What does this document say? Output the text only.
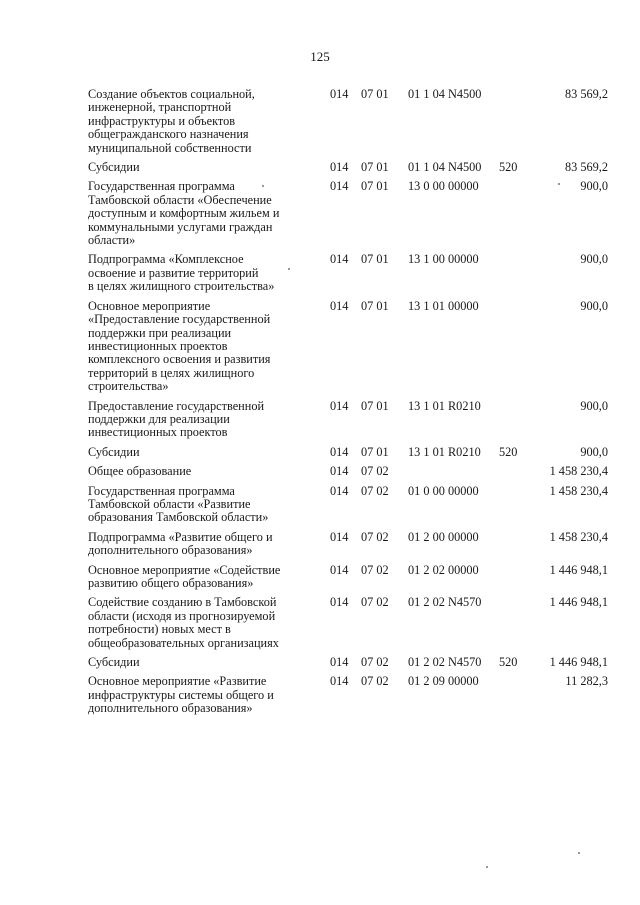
125
Создание объектов социальной,
инженерной, транспортной
инфраструктуры и объектов
общегражданского назначения
муниципальной собственности
014 07 01 01 1 04 N4500	83 569,2
Субсидии	014 07 01 01 1 04 N4500 520	83 569,2
Государственная программа
Тамбовской области «Обеспечение
доступным и комфортным жильем и
коммунальными услугами граждан
области»
014 07 01 13 0 00 00000	900,0
Подпрограмма «Комплексное
освоение и развитие территорий
в целях жилищного строительства»
014 07 01 13 1 00 00000	900,0
Основное мероприятие
«Предоставление государственной
поддержки при реализации
инвестиционных проектов
комплексного освоения и развития
территорий в целях жилищного
строительства»
014 07 01 13 1 01 00000	900,0
Предоставление государственной
поддержки для реализации
инвестиционных проектов
014 07 01 13 1 01 R0210	900,0
Субсидии	014 07 01 13 1 01 R0210 520	900,0
Общее образование	014 07 02	1 458 230,4
Государственная программа
Тамбовской области «Развитие
образования Тамбовской области»
014 07 02 01 0 00 00000	1 458 230,4
Подпрограмма «Развитие общего и
дополнительного образования»
014 07 02 01 2 00 00000	1 458 230,4
Основное мероприятие «Содействие
развитию общего образования»
014 07 02 01 2 02 00000	1 446 948,1
Содействие созданию в Тамбовской
области (исходя из прогнозируемой
потребности) новых мест в
общеобразовательных организациях
014 07 02 01 2 02 N4570	1 446 948,1
Субсидии	014 07 02 01 2 02 N4570 520	1 446 948,1
Основное мероприятие «Развитие
инфраструктуры системы общего и
дополнительного образования»
014 07 02 01 2 09 00000	11 282,3
